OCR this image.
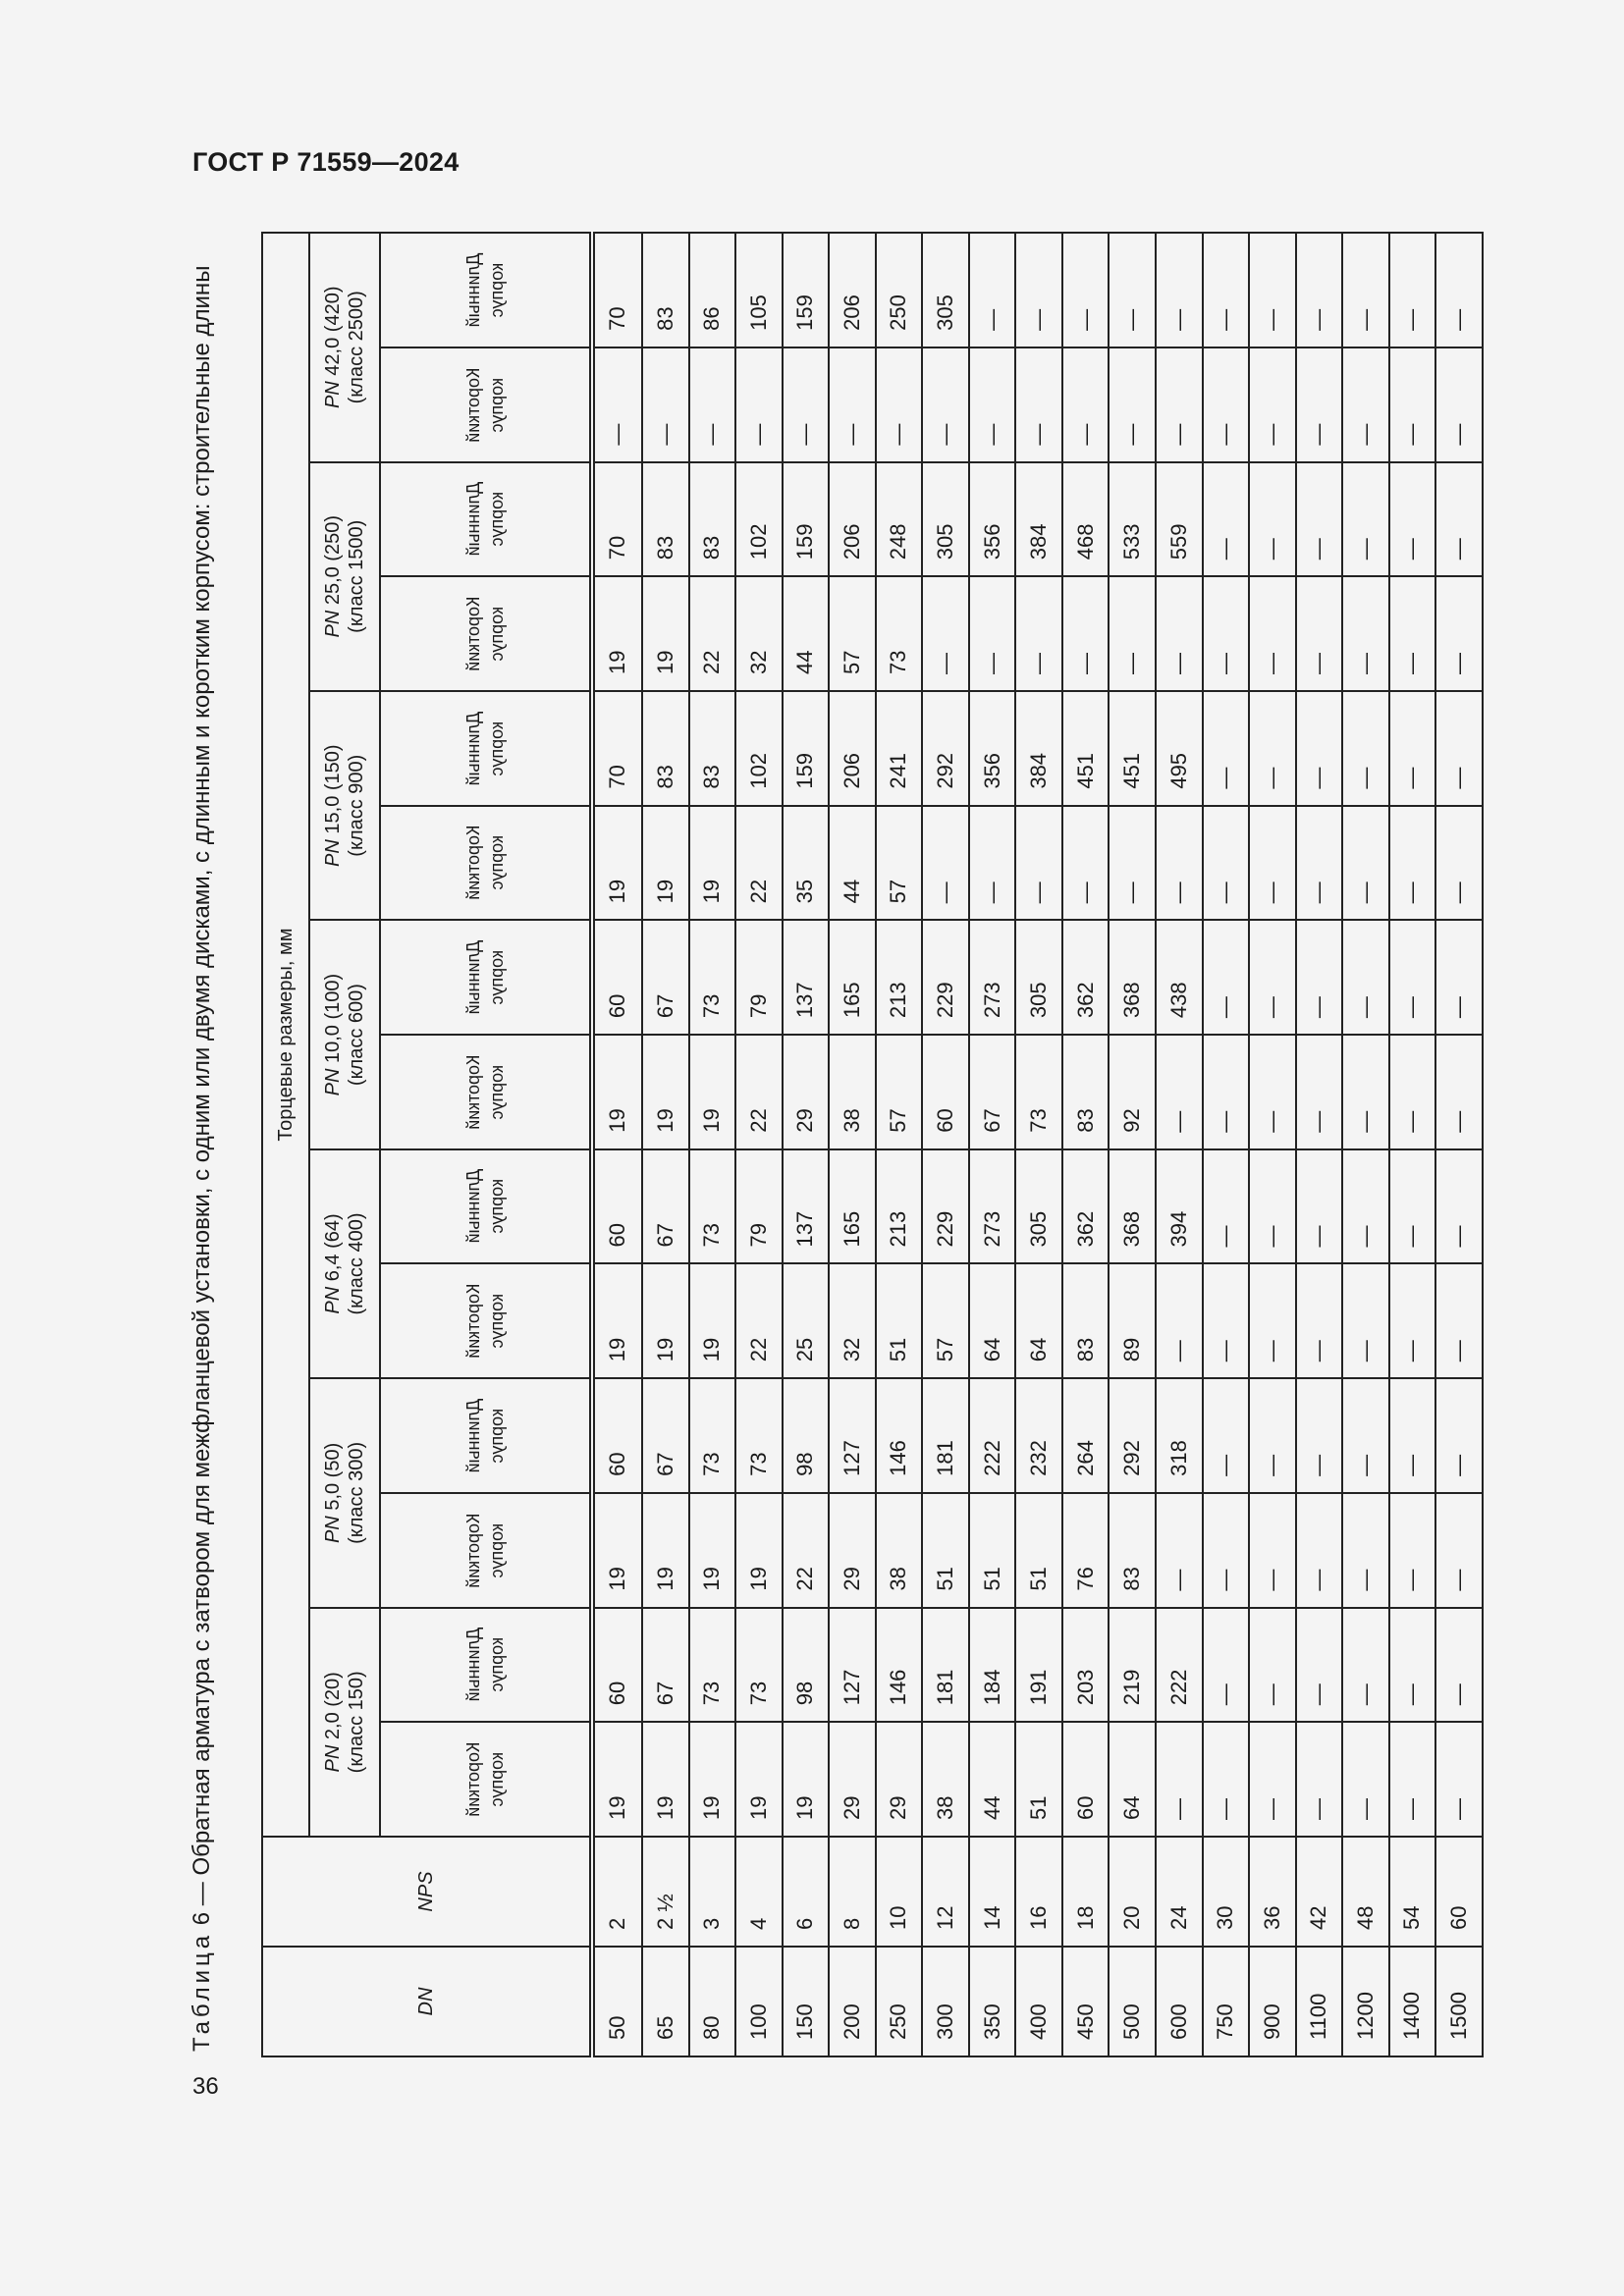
ГОСТ Р 71559—2024
Таблица 6 — Обратная арматура с затвором для межфланцевой установки, с одним или двумя дисками, с длинным и коротким корпусом: строительные длины
36
DN	NPS	Торцевые размеры, мм													
		PN 2,0 (20) (класс 150)		PN 5,0 (50) (класс 300)		PN 6,4 (64) (класс 400)		PN 10,0 (100) (класс 600)		PN 15,0 (150) (класс 900)		PN 25,0 (250) (класс 1500)		PN 42,0 (420) (класс 2500)	
		Короткий корпус	Длинный корпус	Короткий корпус	Длинный корпус	Короткий корпус	Длинный корпус	Короткий корпус	Длинный корпус	Короткий корпус	Длинный корпус	Короткий корпус	Длинный корпус	Короткий корпус	Длинный корпус
50	2	19	60	19	60	19	60	19	60	19	70	19	70	—	70
65	2 ½	19	67	19	67	19	67	19	67	19	83	19	83	—	83
80	3	19	73	19	73	19	73	19	73	19	83	22	83	—	86
100	4	19	73	19	73	22	79	22	79	22	102	32	102	—	105
150	6	19	98	22	98	25	137	29	137	35	159	44	159	—	159
200	8	29	127	29	127	32	165	38	165	44	206	57	206	—	206
250	10	29	146	38	146	51	213	57	213	57	241	73	248	—	250
300	12	38	181	51	181	57	229	60	229	—	292	—	305	—	305
350	14	44	184	51	222	64	273	67	273	—	356	—	356	—	—
400	16	51	191	51	232	64	305	73	305	—	384	—	384	—	—
450	18	60	203	76	264	83	362	83	362	—	451	—	468	—	—
500	20	64	219	83	292	89	368	92	368	—	451	—	533	—	—
600	24	—	222	—	318	—	394	—	438	—	495	—	559	—	—
750	30	—	—	—	—	—	—	—	—	—	—	—	—	—	—
900	36	—	—	—	—	—	—	—	—	—	—	—	—	—	—
1100	42	—	—	—	—	—	—	—	—	—	—	—	—	—	—
1200	48	—	—	—	—	—	—	—	—	—	—	—	—	—	—
1400	54	—	—	—	—	—	—	—	—	—	—	—	—	—	—
1500	60	—	—	—	—	—	—	—	—	—	—	—	—	—	—
